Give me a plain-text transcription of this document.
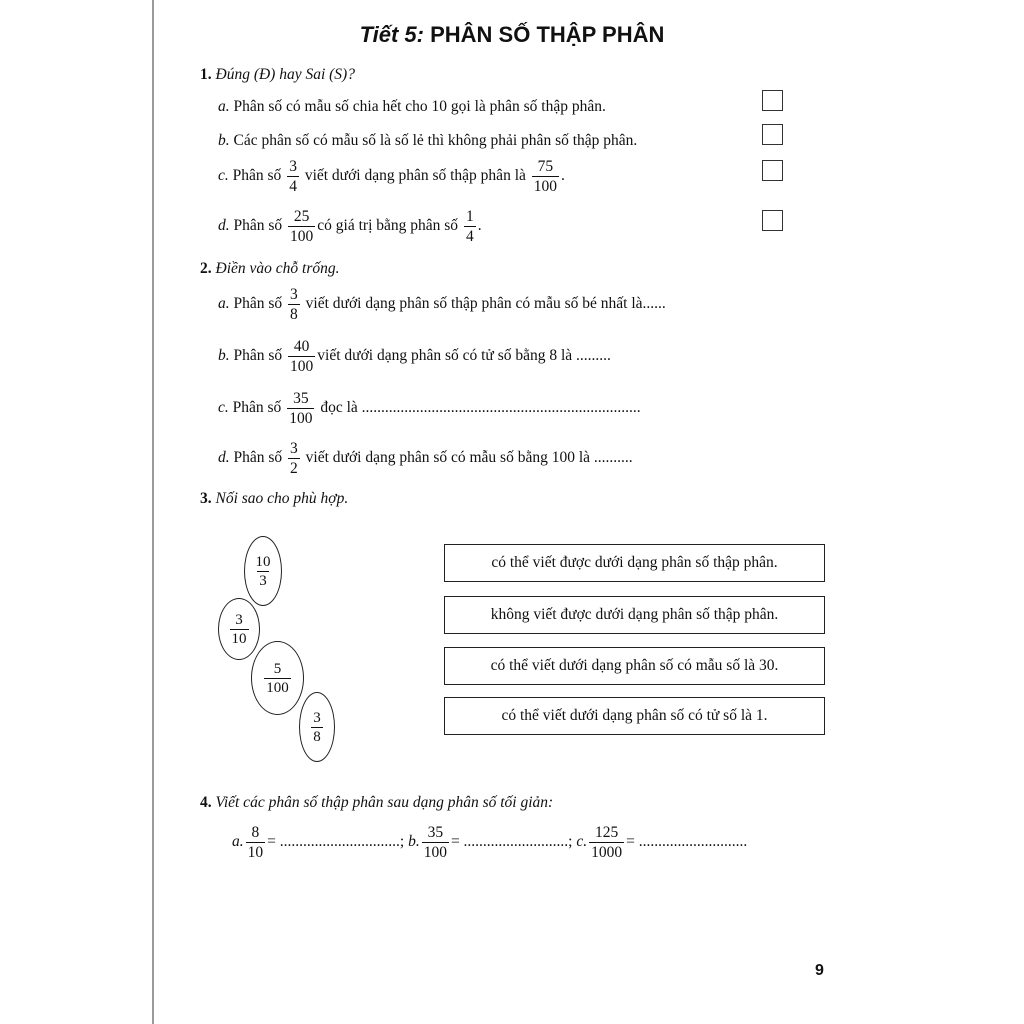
Tiết 5: PHÂN SỐ THẬP PHÂN
1. Đúng (Đ) hay Sai (S)?
a. Phân số có mẫu số chia hết cho 10 gọi là phân số thập phân.
b. Các phân số có mẫu số là số lẻ thì không phải phân số thập phân.
c. Phân số $\frac{3}{4}$ viết dưới dạng phân số thập phân là $\frac{75}{100}$ .
d. Phân số $\frac{25}{100}$ có giá trị bằng phân số $\frac{1}{4}$ .
2. Điền vào chỗ trống.
a. Phân số $\frac{3}{8}$ viết dưới dạng phân số thập phân có mẫu số bé nhất là......
b. Phân số $\frac{40}{100}$ viết dưới dạng phân số có tử số bằng 8 là .........
c. Phân số $\frac{35}{100}$ đọc là ........................................................................
d. Phân số $\frac{3}{2}$ viết dưới dạng phân số có mẫu số bằng 100 là ..........
3. Nối sao cho phù hợp.
$\frac{10}{3}$
$\frac{3}{10}$
$\frac{5}{100}$
$\frac{3}{8}$
có thể viết được dưới dạng phân số thập phân.
không viết được dưới dạng phân số thập phân.
có thể viết dưới dạng phân số có mẫu số là 30.
có thể viết dưới dạng phân số có tử số là 1.
4. Viết các phân số thập phân sau dạng phân số tối giản:
a. $\frac{8}{10}$ = ...............................; b. $\frac{35}{100}$ = ...........................; c. $\frac{125}{1000}$ = ............................
9
